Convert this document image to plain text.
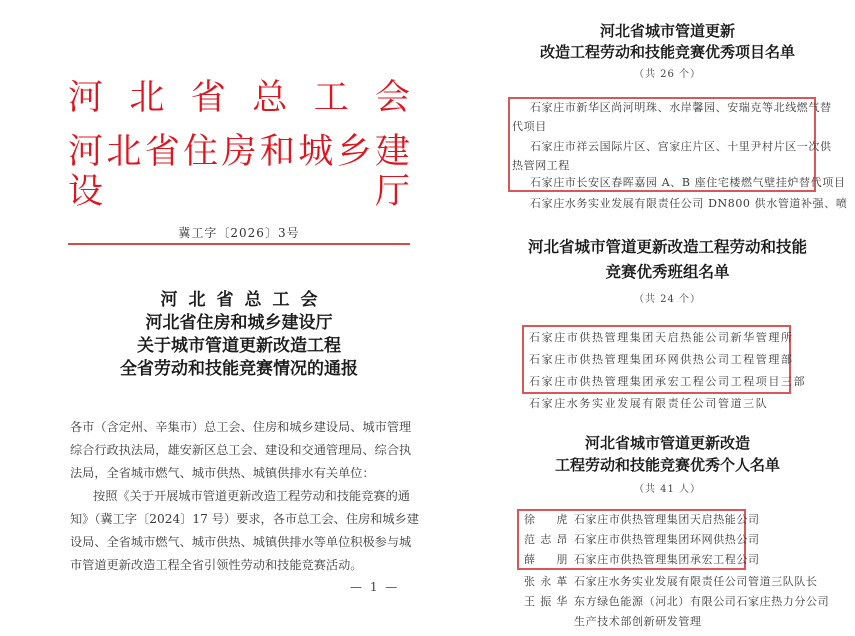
河北省总工会
河北省住房和城乡建设厅
冀工字〔2026〕3号
河北省总工会
河北省住房和城乡建设厅
关于城市管道更新改造工程
全省劳动和技能竞赛情况的通报
各市（含定州、辛集市）总工会、住房和城乡建设局、城市管理
综合行政执法局，雄安新区总工会、建设和交通管理局、综合执
法局，全省城市燃气、城市供热、城镇供排水有关单位：
按照《关于开展城市管道更新改造工程劳动和技能竞赛的通
知》（冀工字〔2024〕17 号）要求，各市总工会、住房和城乡建
设局、全省城市燃气、城市供热、城镇供排水等单位积极参与城
市管道更新改造工程全省引领性劳动和技能竞赛活动。
— 1 —
河北省城市管道更新
改造工程劳动和技能竞赛优秀项目名单
（共 26 个）
石家庄市新华区尚河明珠、水岸馨园、安瑞克等北线燃气替
代项目
石家庄市祥云国际片区、宫家庄片区、十里尹村片区一次供
热管网工程
石家庄市长安区春晖嘉园 A、B 座住宅楼燃气壁挂炉替代项目
石家庄水务实业发展有限责任公司 DN800 供水管道补强、喷
河北省城市管道更新改造工程劳动和技能
竞赛优秀班组名单
（共 24 个）
石家庄市供热管理集团天启热能公司新华管理所
石家庄市供热管理集团环网供热公司工程管理部
石家庄市供热管理集团承宏工程公司工程项目三部
石家庄水务实业发展有限责任公司管道三队
河北省城市管道更新改造
工程劳动和技能竞赛优秀个人名单
（共 41 人）
徐虎 石家庄市供热管理集团天启热能公司
范志昂 石家庄市供热管理集团环网供热公司
薛朋 石家庄市供热管理集团承宏工程公司
张永革 石家庄水务实业发展有限责任公司管道三队队长
王振华 东方绿色能源（河北）有限公司石家庄热力分公司
生产技术部创新研发管理
